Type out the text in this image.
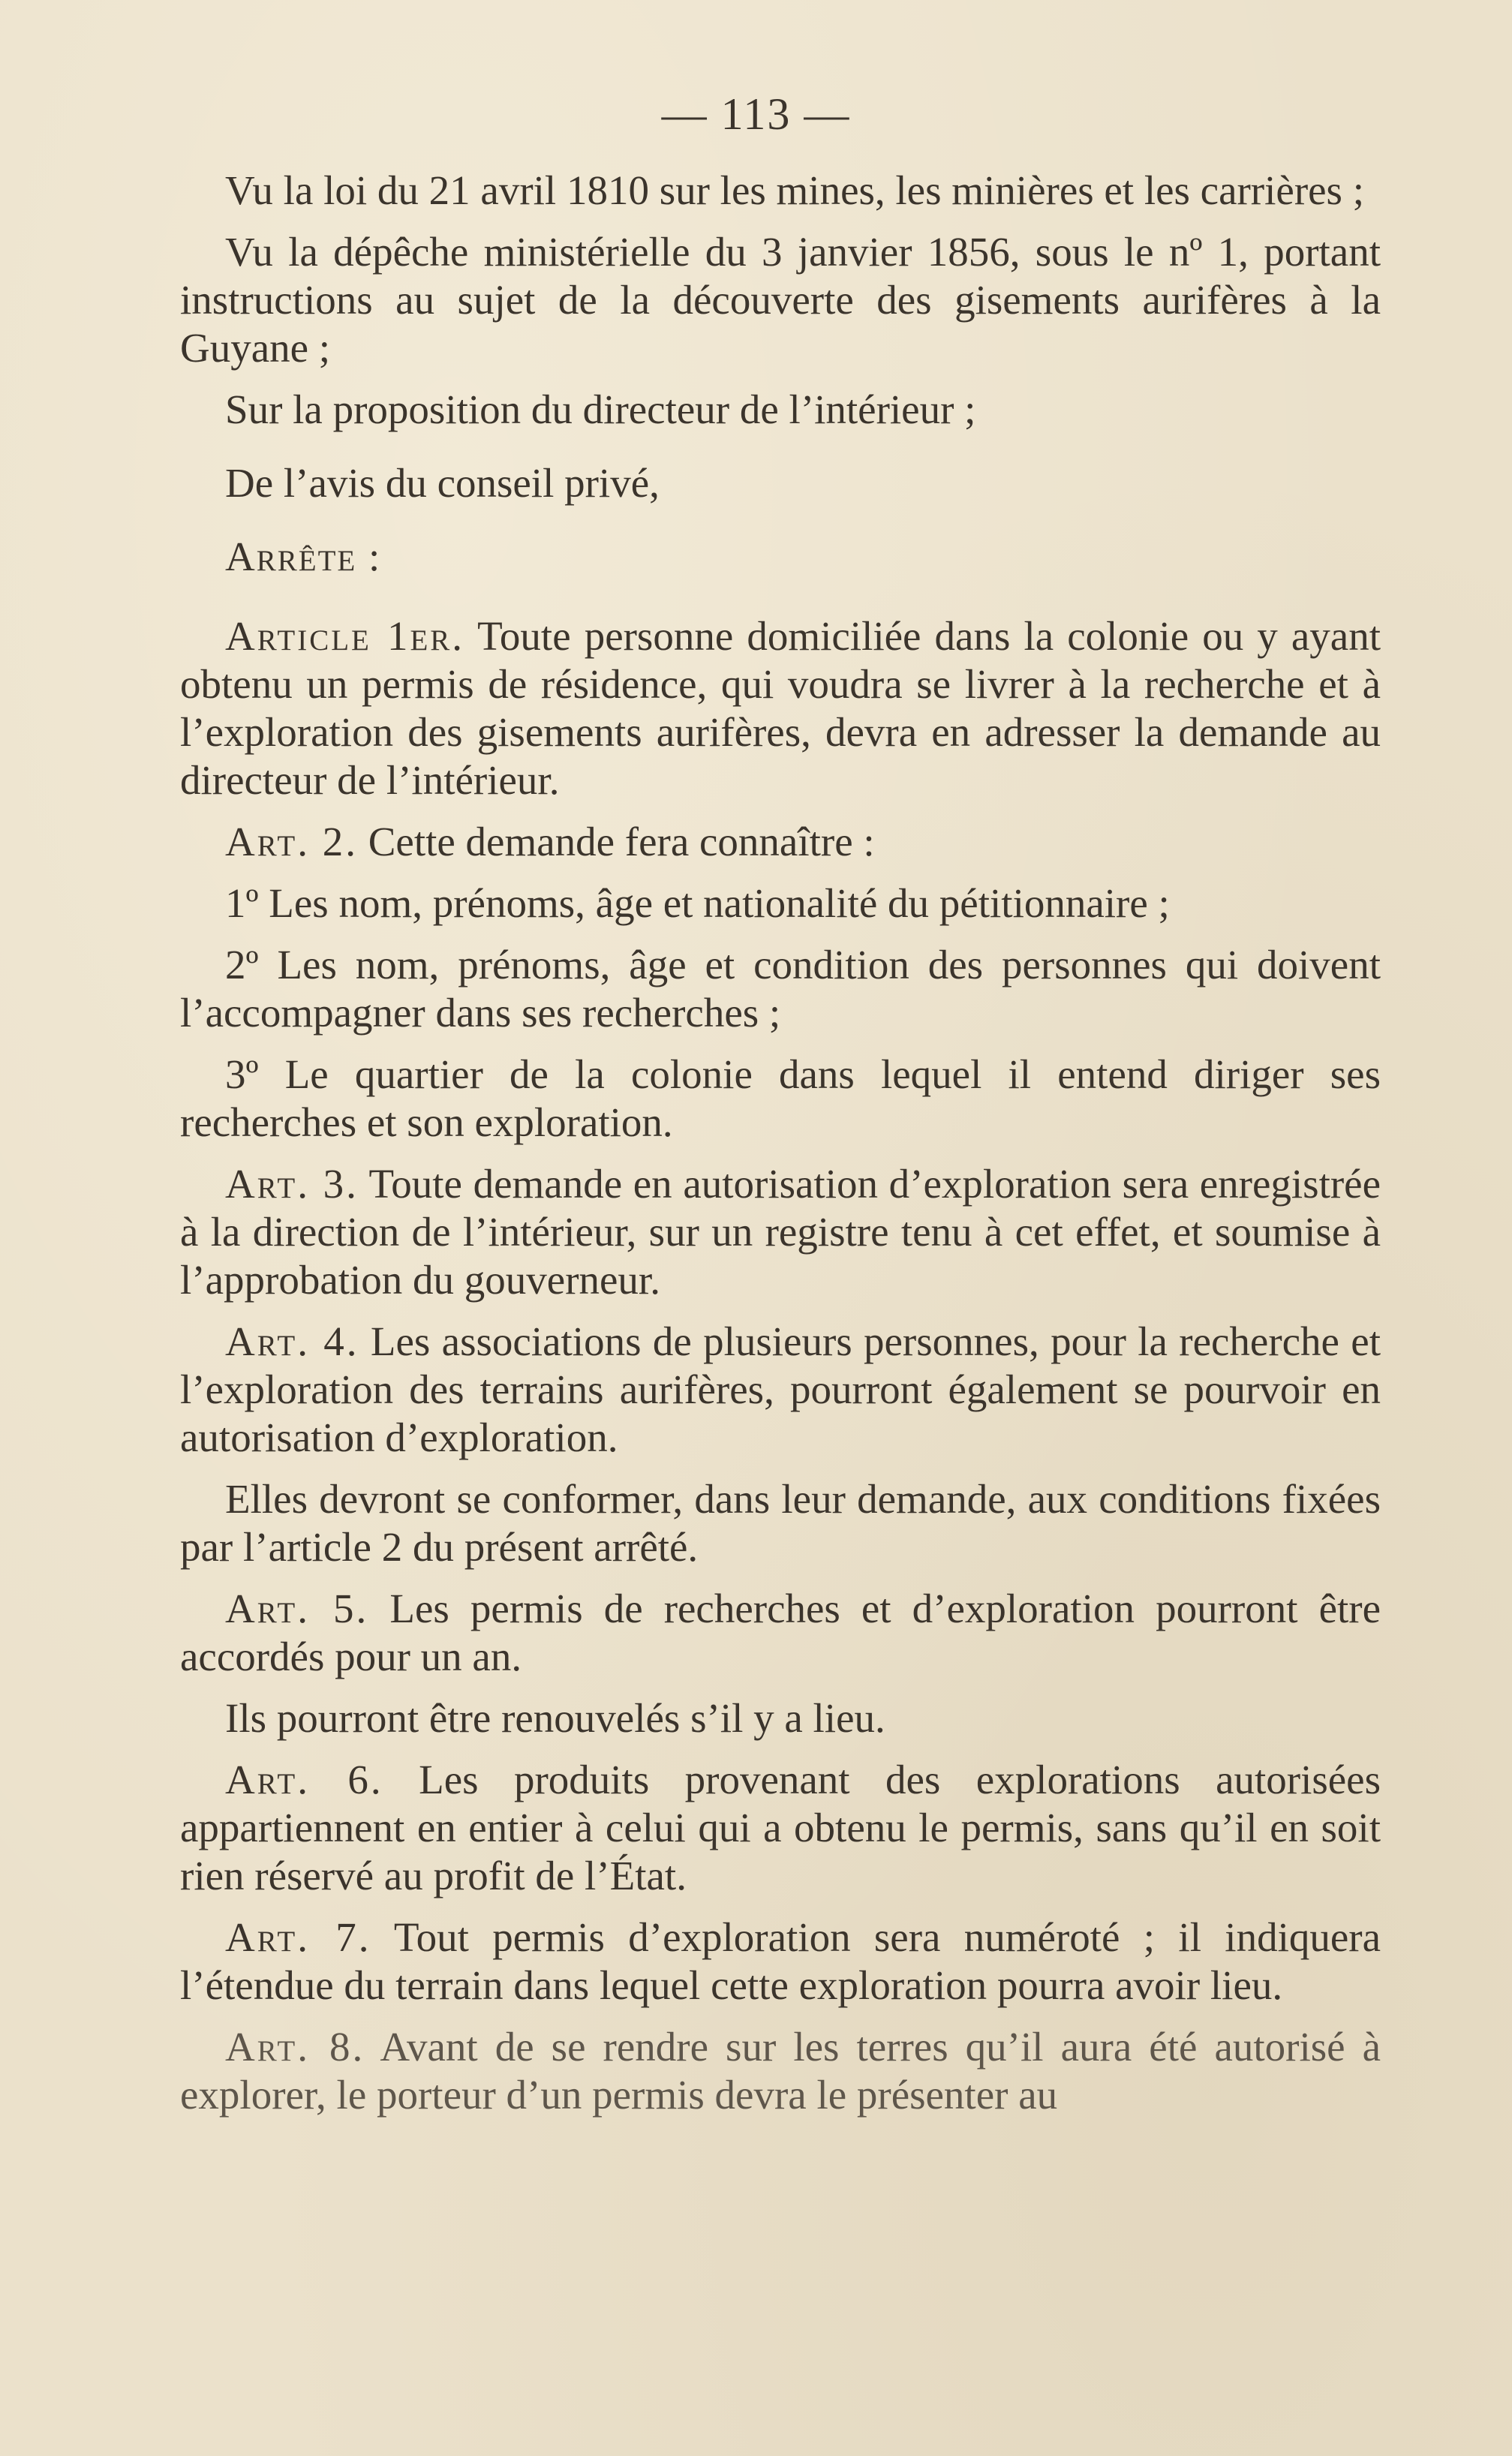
— 113 —

Vu la loi du 21 avril 1810 sur les mines, les minières et les carrières ;

Vu la dépêche ministérielle du 3 janvier 1856, sous le nº 1, portant instructions au sujet de la découverte des gisements aurifères à la Guyane ;

Sur la proposition du directeur de l’intérieur ;

De l’avis du conseil privé,

Arrête :

Article 1er. Toute personne domiciliée dans la colonie ou y ayant obtenu un permis de résidence, qui voudra se livrer à la recherche et à l’exploration des gisements aurifères, devra en adresser la demande au directeur de l’intérieur.

Art. 2. Cette demande fera connaître :

1º Les nom, prénoms, âge et nationalité du pétitionnaire ;

2º Les nom, prénoms, âge et condition des personnes qui doivent l’accompagner dans ses recherches ;

3º Le quartier de la colonie dans lequel il entend diriger ses recherches et son exploration.

Art. 3. Toute demande en autorisation d’exploration sera enregistrée à la direction de l’intérieur, sur un registre tenu à cet effet, et soumise à l’approbation du gouverneur.

Art. 4. Les associations de plusieurs personnes, pour la recherche et l’exploration des terrains aurifères, pourront également se pourvoir en autorisation d’exploration.

Elles devront se conformer, dans leur demande, aux conditions fixées par l’article 2 du présent arrêté.

Art. 5. Les permis de recherches et d’exploration pourront être accordés pour un an.

Ils pourront être renouvelés s’il y a lieu.

Art. 6. Les produits provenant des explorations autorisées appartiennent en entier à celui qui a obtenu le permis, sans qu’il en soit rien réservé au profit de l’État.

Art. 7. Tout permis d’exploration sera numéroté ; il indiquera l’étendue du terrain dans lequel cette exploration pourra avoir lieu.

Art. 8. Avant de se rendre sur les terres qu’il aura été autorisé à explorer, le porteur d’un permis devra le présenter au
